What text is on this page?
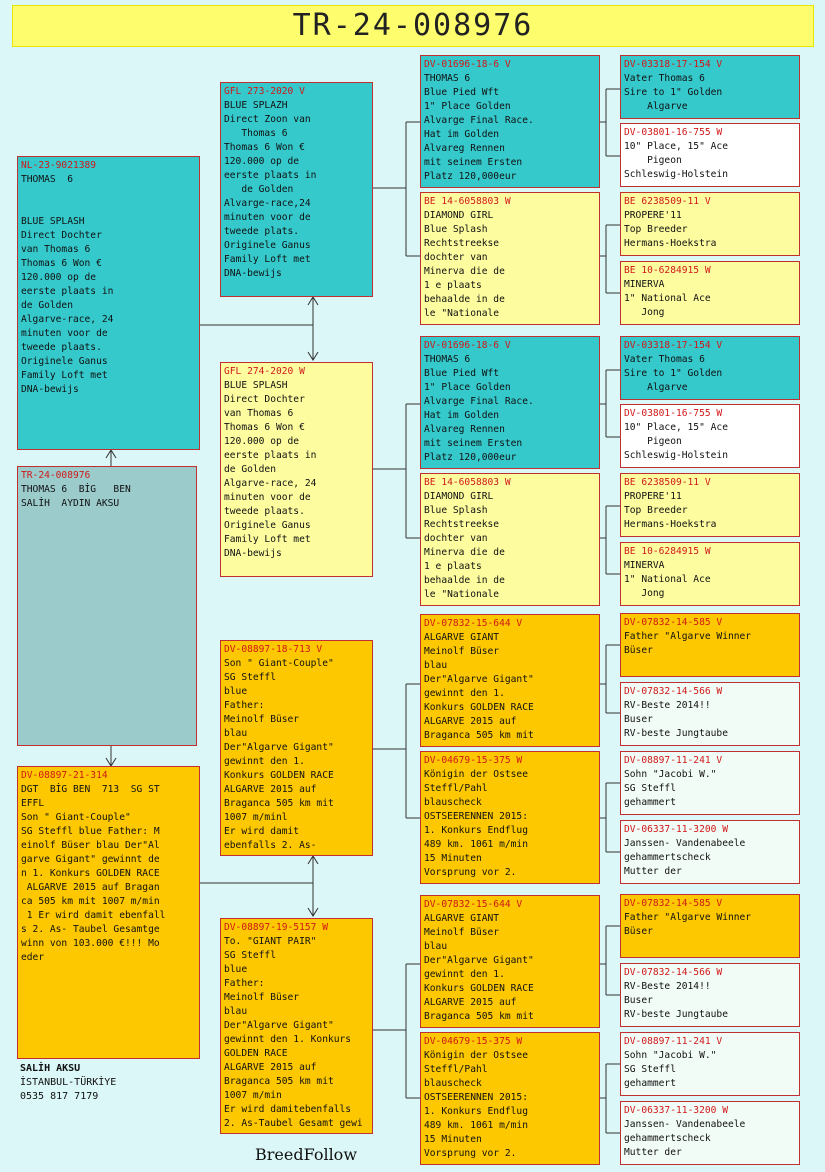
TR-24-008976
TR-24-008976
THOMAS 6  BİG   BEN
SALİH  AYDIN AKSU
NL-23-9021389
THOMAS  6

BLUE SPLASH
Direct Dochter
van Thomas 6
Thomas 6 Won €
120.000 op de
eerste plaats in
de Golden
Algarve-race, 24
minuten voor de
tweede plaats.
Originele Ganus
Family Loft met
DNA-bewijs
DV-08897-21-314
DGT  BİG BEN  713  SG ST
EFFL
Son " Giant-Couple"
SG Steffl blue Father: M
einolf Büser blau Der"Al
garve Gigant" gewinnt de
n 1. Konkurs GOLDEN RACE
ALGARVE 2015 auf Bragan
ca 505 km mit 1007 m/min
1 Er wird damit ebenfall
s 2. As- Taubel Gesamtge
winn von 103.000 €!!! Mo
eder
GFL 273-2020 V
BLUE SPLAZH
Direct Zoon van
Thomas 6
Thomas 6 Won €
120.000 op de
eerste plaats in
de Golden
Alvarge-race,24
minuten voor de
tweede plats.
Originele Ganus
Family Loft met
DNA-bewijs
GFL 274-2020 W
BLUE SPLASH
Direct Dochter
van Thomas 6
Thomas 6 Won €
120.000 op de
eerste plaats in
de Golden
Algarve-race, 24
minuten voor de
tweede plaats.
Originele Ganus
Family Loft met
DNA-bewijs
DV-08897-18-713 V
Son " Giant-Couple"
SG Steffl
blue
Father:
Meinolf Büser
blau
Der"Algarve Gigant"
gewinnt den 1.
Konkurs GOLDEN RACE
ALGARVE 2015 auf
Braganca 505 km mit
1007 m/minl
Er wird damit
ebenfalls 2. As-
DV-08897-19-5157 W
To. "GIANT PAIR"
SG Steffl
blue
Father:
Meinolf Büser
blau
Der"Algarve Gigant"
gewinnt den 1. Konkurs
GOLDEN RACE
ALGARVE 2015 auf
Braganca 505 km mit
1007 m/min
Er wird damitebenfalls
2. As-Taubel Gesamt gewi
DV-01696-18-6 V
THOMAS 6
Blue Pied Wft
1" Place Golden
Alvarge Final Race.
Hat im Golden
Alvareg Rennen
mit seinem Ersten
Platz 120,000eur
BE 14-6058803 W
DIAMOND GIRL
Blue Splash
Rechtstreekse
dochter van
Minerva die de
1 e plaats
behaalde in de
le "Nationale
DV-01696-18-6 V
THOMAS 6
Blue Pied Wft
1" Place Golden
Alvarge Final Race.
Hat im Golden
Alvareg Rennen
mit seinem Ersten
Platz 120,000eur
BE 14-6058803 W
DIAMOND GIRL
Blue Splash
Rechtstreekse
dochter van
Minerva die de
1 e plaats
behaalde in de
le "Nationale
DV-07832-15-644 V
ALGARVE GIANT
Meinolf Büser
blau
Der"Algarve Gigant"
gewinnt den 1.
Konkurs GOLDEN RACE
ALGARVE 2015 auf
Braganca 505 km mit
DV-04679-15-375 W
Königin der Ostsee
Steffl/Pahl
blauscheck
OSTSEERENNEN 2015:
1. Konkurs Endflug
489 km. 1061 m/min
15 Minuten
Vorsprung vor 2.
DV-07832-15-644 V
ALGARVE GIANT
Meinolf Büser
blau
Der"Algarve Gigant"
gewinnt den 1.
Konkurs GOLDEN RACE
ALGARVE 2015 auf
Braganca 505 km mit
DV-04679-15-375 W
Königin der Ostsee
Steffl/Pahl
blauscheck
OSTSEERENNEN 2015:
1. Konkurs Endflug
489 km. 1061 m/min
15 Minuten
Vorsprung vor 2.
DV-03318-17-154 V
Vater Thomas 6
Sire to 1" Golden
Algarve
DV-03801-16-755 W
10" Place, 15" Ace
Pigeon
Schleswig-Holstein
BE 6238509-11 V
PROPERE'11
Top Breeder
Hermans-Hoekstra
BE 10-6284915 W
MINERVA
1" National Ace
Jong
DV-03318-17-154 V
Vater Thomas 6
Sire to 1" Golden
Algarve
DV-03801-16-755 W
10" Place, 15" Ace
Pigeon
Schleswig-Holstein
BE 6238509-11 V
PROPERE'11
Top Breeder
Hermans-Hoekstra
BE 10-6284915 W
MINERVA
1" National Ace
Jong
DV-07832-14-585 V
Father "Algarve Winner
Büser
DV-07832-14-566 W
RV-Beste 2014!!
Buser
RV-beste Jungtaube
DV-08897-11-241 V
Sohn "Jacobi W."
SG Steffl
gehammert
DV-06337-11-3200 W
Janssen- Vandenabeele
gehammertscheck
Mutter der
DV-07832-14-585 V
Father "Algarve Winner
Büser
DV-07832-14-566 W
RV-Beste 2014!!
Buser
RV-beste Jungtaube
DV-08897-11-241 V
Sohn "Jacobi W."
SG Steffl
gehammert
DV-06337-11-3200 W
Janssen- Vandenabeele
gehammertscheck
Mutter der
SALİH AKSU
İSTANBUL-TÜRKİYE
0535 817 7179
BreedFollow
